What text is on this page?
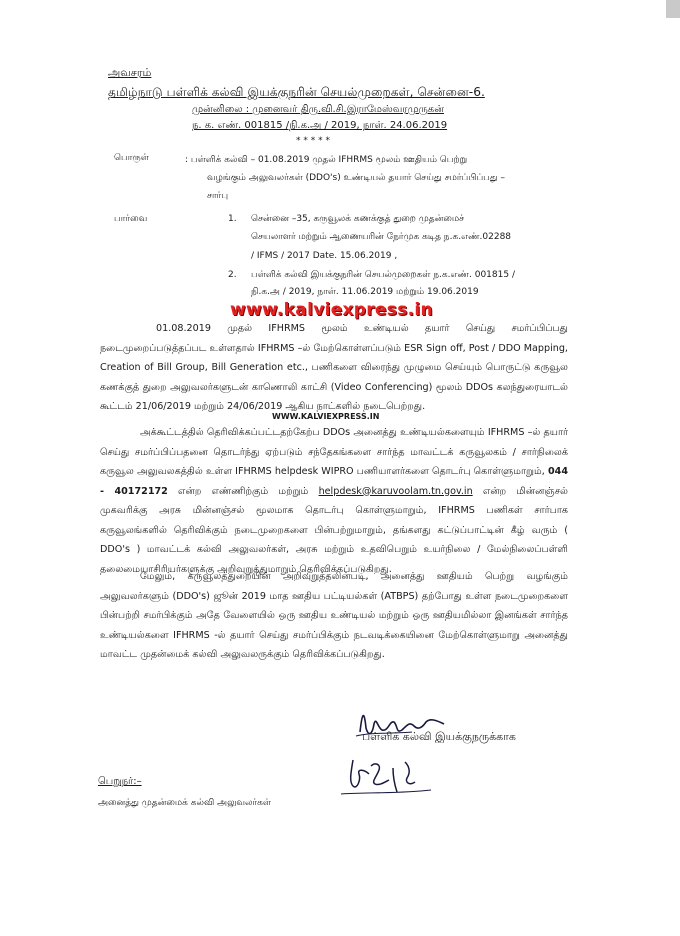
அவசரம்
தமிழ்நாடு பள்ளிக் கல்வி இயக்குநரின் செயல்முறைகள், சென்னை-6.
முன்னிலை : முனைவர் திரு.வி.சி.இராமேஸ்வரமுருகன்
ந. க. எண். 001815 /நி.க.அ / 2019, நாள். 24.06.2019
* * * * *
பொருள்	: பள்ளிக் கல்வி – 01.08.2019 முதல் IFHRMS மூலம் ஊதியம் பெற்று
வழங்கும் அலுவலர்கள் (DDO's) உண்டியல் தயார் செய்து சமர்ப்பிப்பது –
சார்பு
பார்வை	1. சென்னை –35, கருவூலக் கணக்குத் துறை முதன்மைச்
செயலாளர் மற்றும் ஆணையரின் நேர்முக கடித ந.க.எண்.02288
/ IFMS / 2017 Date. 15.06.2019 ,
2. பள்ளிக் கல்வி இயக்குநரின் செயல்முறைகள் ந.க.எண். 001815 /
நி.க.அ / 2019, நாள். 11.06.2019 மற்றும் 19.06.2019
www.kalviexpress.in
01.08.2019 முதல் IFHRMS மூலம் உண்டியல் தயார் செய்து சமர்ப்பிப்பது நடைமுறைப்படுத்தப்பட உள்ளதால் IFHRMS –ல் மேற்கொள்ளப்படும் ESR Sign off, Post / DDO Mapping, Creation of Bill Group, Bill Generation etc., பணிகளை விரைந்து முழுமை செய்யும் பொருட்டு கருவூல கணக்குத் துறை அலுவலர்களுடன் காணொலி காட்சி (Video Conferencing) மூலம் DDOs கலந்துரையாடல் கூட்டம் 21/06/2019 மற்றும் 24/06/2019 ஆகிய நாட்களில் நடைபெற்றது.
WWW.KALVIEXPRESS.IN
அக்கூட்டத்தில் தெரிவிக்கப்பட்டதற்கேற்ப DDOs அனைத்து உண்டியல்களையும் IFHRMS –ல் தயார் செய்து சமர்ப்பிப்பதனை தொடர்ந்து ஏற்படும் சந்தேகங்களை சார்ந்த மாவட்டக் கருவூலகம் / சார்நிலைக் கருவூல அலுவலகத்தில் உள்ள IFHRMS helpdesk WIPRO பணியாளர்களை தொடர்பு கொள்ளுமாறும், 044 - 40172172 என்ற எண்ணிற்கும் மற்றும் helpdesk@karuvoolam.tn.gov.in என்ற மின்னஞ்சல் முகவரிக்கு அரசு மின்னஞ்சல் மூலமாக தொடர்பு கொள்ளுமாறும், IFHRMS பணிகள் சார்பாக கருவூலங்களில் தெரிவிக்கும் நடைமுறைகளை பின்பற்றுமாறும், தங்களது கட்டுப்பாட்டின் கீழ் வரும் ( DDO's ) மாவட்டக் கல்வி அலுவலர்கள், அரசு மற்றும் உதவிபெறும் உயர்நிலை / மேல்நிலைப்பள்ளி தலைமையாசிரியர்களுக்கு அறிவுறுத்துமாறும் தெரிவிக்கப்படுகிறது.
மேலும், கருவூலத்துறையின் அறிவுறுத்தலின்படி, அனைத்து ஊதியம் பெற்று வழங்கும் அலுவலர்களும் (DDO's) ஜூன் 2019 மாத ஊதிய பட்டியல்கள் (ATBPS) தற்போது உள்ள நடைமுறைகளை பின்பற்றி சமர்பிக்கும் அதே வேளையில் ஒரு ஊதிய உண்டியல் மற்றும் ஒரு ஊதியமில்லா இனங்கள் சார்ந்த உண்டியல்களை IFHRMS -ல் தயார் செய்து சமர்ப்பிக்கும் நடவடிக்கையினை மேற்கொள்ளுமாறு அனைத்து மாவட்ட முதன்மைக் கல்வி அலுவலருக்கும் தெரிவிக்கப்படுகிறது.
பள்ளிக் கல்வி இயக்குநருக்காக
பெறுநர்:–
அனைத்து முதன்மைக் கல்வி அலுவலர்கள்
